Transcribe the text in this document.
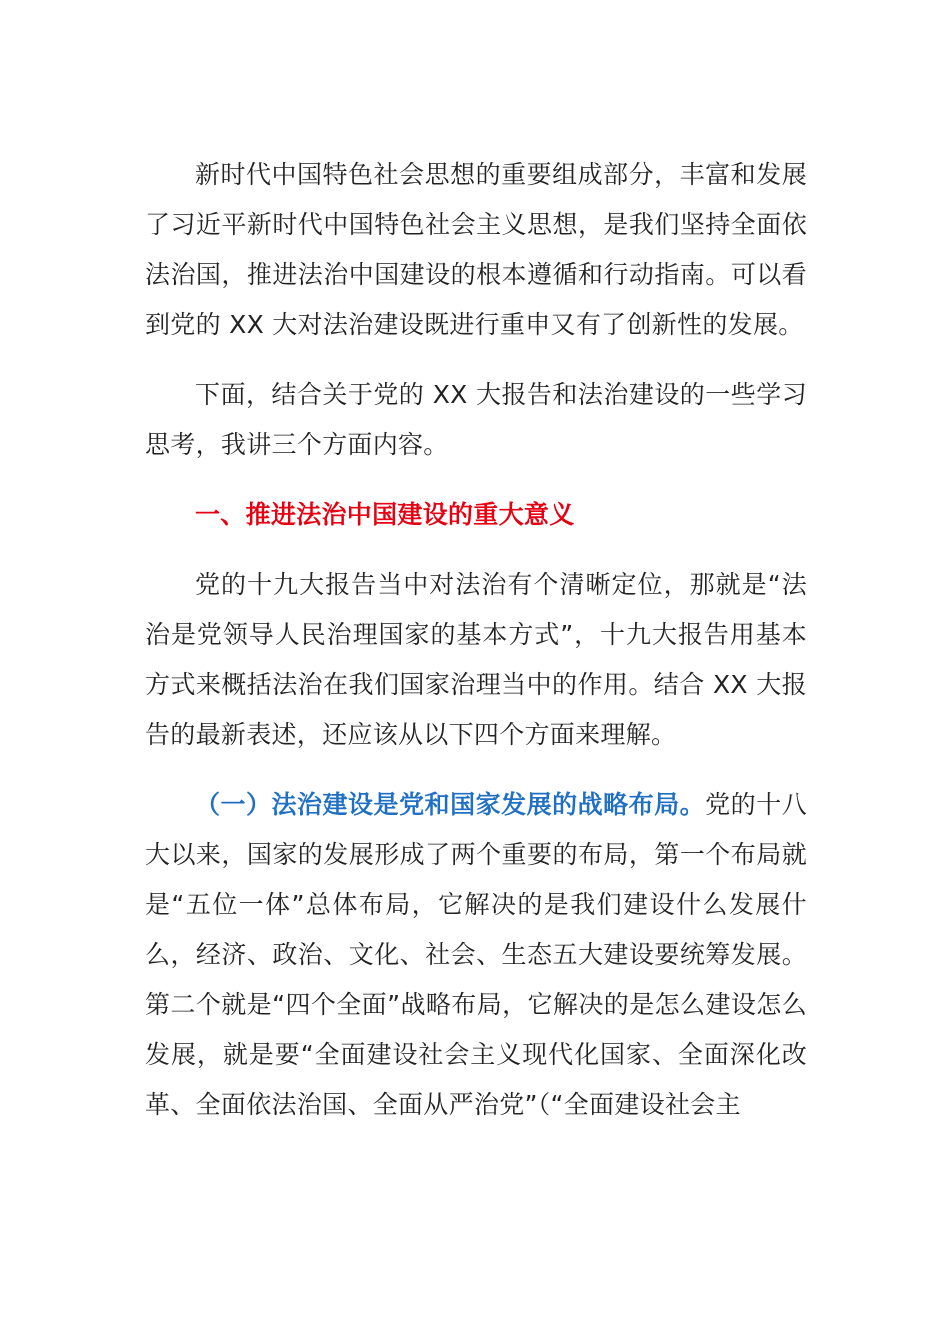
新时代中国特色社会思想的重要组成部分，丰富和发展了习近平新时代中国特色社会主义思想，是我们坚持全面依法治国，推进法治中国建设的根本遵循和行动指南。可以看到党的 XX 大对法治建设既进行重申又有了创新性的发展。

下面，结合关于党的 XX 大报告和法治建设的一些学习思考，我讲三个方面内容。

一、推进法治中国建设的重大意义

党的十九大报告当中对法治有个清晰定位，那就是“法治是党领导人民治理国家的基本方式”，十九大报告用基本方式来概括法治在我们国家治理当中的作用。结合 XX 大报告的最新表述，还应该从以下四个方面来理解。

（一）法治建设是党和国家发展的战略布局。党的十八大以来，国家的发展形成了两个重要的布局，第一个布局就是“五位一体”总体布局，它解决的是我们建设什么发展什么，经济、政治、文化、社会、生态五大建设要统筹发展。第二个就是“四个全面”战略布局，它解决的是怎么建设怎么发展，就是要“全面建设社会主义现代化国家、全面深化改革、全面依法治国、全面从严治党”（“全面建设社会主
